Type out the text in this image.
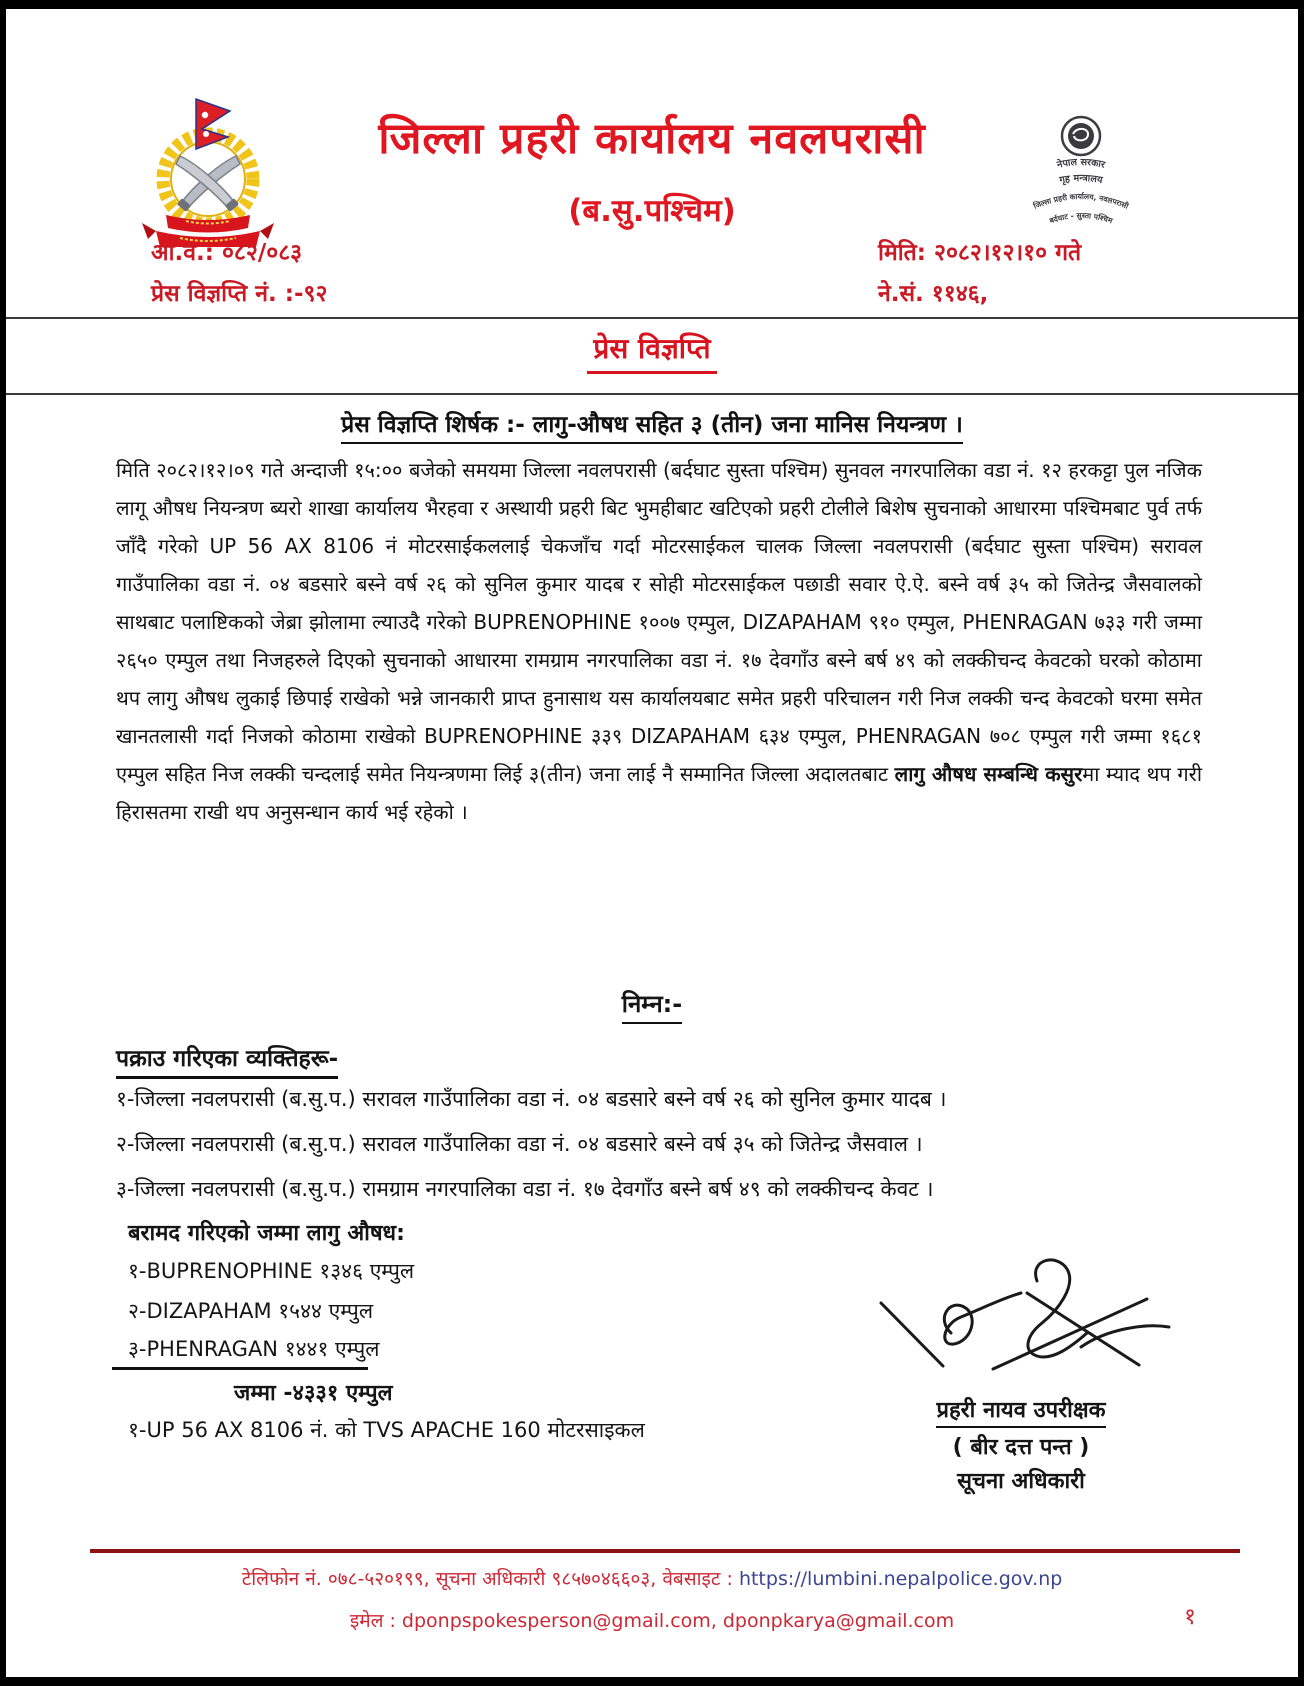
नेपाल सरकार
गृह मन्त्रालय
जिल्ला प्रहरी कार्यालय, नवलपरासी
बर्दघाट - सुस्ता पश्चिम
जिल्ला प्रहरी कार्यालय नवलपरासी
(ब.सु.पश्चिम)
आ.व.: ०८२/०८३
प्रेस विज्ञप्ति नं. :-९२
मिति: २०८२।१२।१० गते
ने.सं. ११४६,
प्रेस विज्ञप्ति
प्रेस विज्ञप्ति शिर्षक :- लागु-औषध सहित ३ (तीन) जना मानिस नियन्त्रण ।
मिति २०८२।१२।०९ गते अन्दाजी १५:०० बजेको समयमा जिल्ला नवलपरासी (बर्दघाट सुस्ता पश्चिम) सुनवल नगरपालिका वडा नं. १२ हरकट्टा पुल नजिक लागू औषध नियन्त्रण ब्यरो शाखा कार्यालय भैरहवा र अस्थायी प्रहरी बिट भुमहीबाट खटिएको प्रहरी टोलीले बिशेष सुचनाको आधारमा पश्चिमबाट पुर्व तर्फ जाँदै गरेको UP 56 AX 8106 नं मोटरसाईकललाई चेकजाँच गर्दा मोटरसाईकल चालक जिल्ला नवलपरासी (बर्दघाट सुस्ता पश्चिम) सरावल गाउँपालिका वडा नं. ०४ बडसारे बस्ने वर्ष २६ को सुनिल कुमार यादब र सोही मोटरसाईकल पछाडी सवार ऐ.ऐ. बस्ने वर्ष ३५ को जितेन्द्र जैसवालको साथबाट पलाष्टिकको जेब्रा झोलामा ल्याउदै गरेको BUPRENOPHINE १००७ एम्पुल, DIZAPAHAM ९१० एम्पुल, PHENRAGAN ७३३ गरी जम्मा २६५० एम्पुल तथा निजहरुले दिएको सुचनाको आधारमा रामग्राम नगरपालिका वडा नं. १७ देवगाँउ बस्ने बर्ष ४९ को लक्कीचन्द केवटको घरको कोठामा थप लागु औषध लुकाई छिपाई राखेको भन्ने जानकारी प्राप्त हुनासाथ यस कार्यालयबाट समेत प्रहरी परिचालन गरी निज लक्की चन्द केवटको घरमा समेत खानतलासी गर्दा निजको कोठामा राखेको BUPRENOPHINE ३३९ DIZAPAHAM ६३४ एम्पुल, PHENRAGAN ७०८ एम्पुल गरी जम्मा १६८१ एम्पुल सहित निज लक्की चन्दलाई समेत नियन्त्रणमा लिई ३(तीन) जना लाई नै सम्मानित जिल्ला अदालतबाट लागु औषध सम्बन्धि कसुरमा म्याद थप गरी हिरासतमा राखी थप अनुसन्धान कार्य भई रहेको ।
निम्न:-
पक्राउ गरिएका व्यक्तिहरू-
१-जिल्ला नवलपरासी (ब.सु.प.) सरावल गाउँपालिका वडा नं. ०४ बडसारे बस्ने वर्ष २६ को सुनिल कुमार यादब ।
२-जिल्ला नवलपरासी (ब.सु.प.) सरावल गाउँपालिका वडा नं. ०४ बडसारे बस्ने वर्ष ३५ को जितेन्द्र जैसवाल ।
३-जिल्ला नवलपरासी (ब.सु.प.) रामग्राम नगरपालिका वडा नं. १७ देवगाँउ बस्ने बर्ष ४९ को लक्कीचन्द केवट ।
बरामद गरिएको जम्मा लागु औषध:
१-BUPRENOPHINE १३४६ एम्पुल
२-DIZAPAHAM १५४४ एम्पुल
३-PHENRAGAN १४४१ एम्पुल
जम्मा -४३३१ एम्पुल
१-UP 56 AX 8106 नं. को TVS APACHE 160 मोटरसाइकल
प्रहरी नायव उपरीक्षक
( बीर दत्त पन्त )
सूचना अधिकारी
टेलिफोन नं. ०७८-५२०१९९, सूचना अधिकारी ९८५७०४६६०३, वेबसाइट : https://lumbini.nepalpolice.gov.np
इमेल : dponpspokesperson@gmail.com, dponpkarya@gmail.com	१
